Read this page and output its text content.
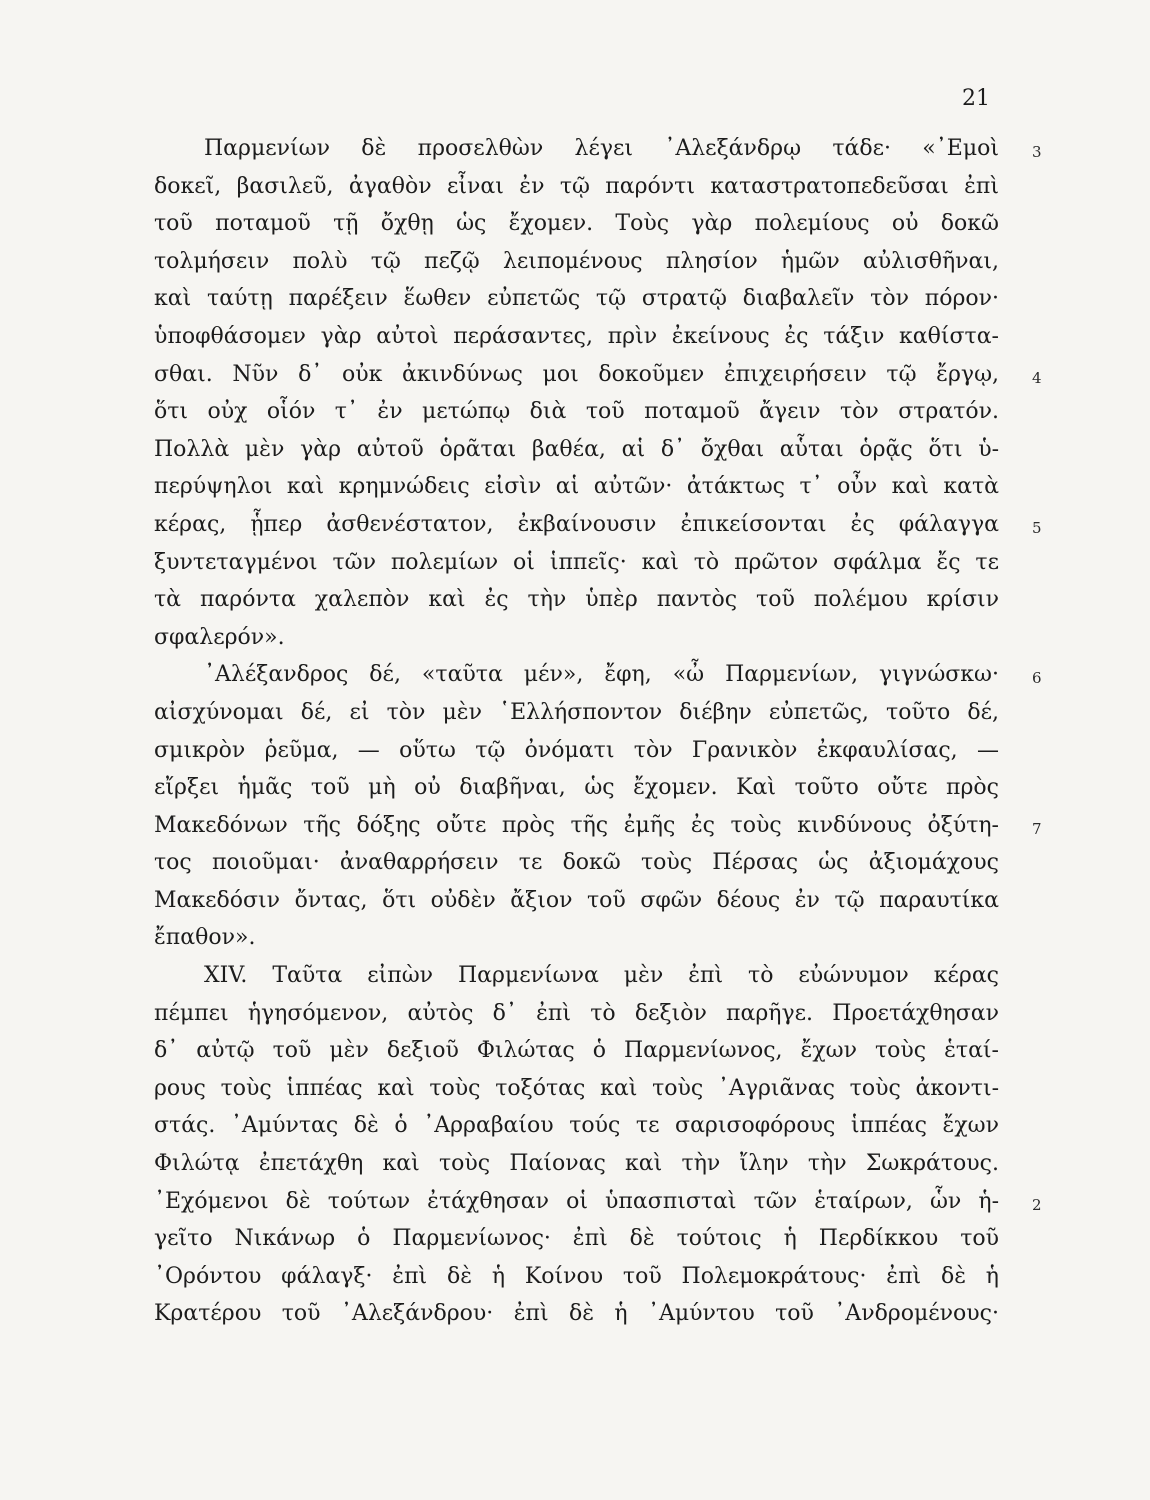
21
Παρμενίων δὲ προσελθὼν λέγει ᾿Αλεξάνδρῳ τάδε· «᾿Εμοὶ
δοκεῖ, βασιλεῦ, ἀγαθὸν εἶναι ἐν τῷ παρόντι καταστρατοπεδεῦσαι ἐπὶ
τοῦ ποταμοῦ τῇ ὄχθῃ ὡς ἔχομεν. Τοὺς γὰρ πολεμίους οὐ δοκῶ
τολμήσειν πολὺ τῷ πεζῷ λειπομένους πλησίον ἡμῶν αὐλισθῆναι,
καὶ ταύτῃ παρέξειν ἕωθεν εὐπετῶς τῷ στρατῷ διαβαλεῖν τὸν πόρον·
ὑποφθάσομεν γὰρ αὐτοὶ περάσαντες, πρὶν ἐκείνους ἐς τάξιν καθίστα-
σθαι. Νῦν δ᾿ οὐκ ἀκινδύνως μοι δοκοῦμεν ἐπιχειρήσειν τῷ ἔργῳ,
ὅτι οὐχ οἷόν τ᾿ ἐν μετώπῳ διὰ τοῦ ποταμοῦ ἄγειν τὸν στρατόν.
Πολλὰ μὲν γὰρ αὐτοῦ ὁρᾶται βαθέα, αἱ δ᾿ ὄχθαι αὗται ὁρᾷς ὅτι ὑ-
περύψηλοι καὶ κρημνώδεις εἰσὶν αἱ αὐτῶν· ἀτάκτως τ᾿ οὖν καὶ κατὰ
κέρας, ᾗπερ ἀσθενέστατον, ἐκβαίνουσιν ἐπικείσονται ἐς φάλαγγα
ξυντεταγμένοι τῶν πολεμίων οἱ ἱππεῖς· καὶ τὸ πρῶτον σφάλμα ἔς τε
τὰ παρόντα χαλεπὸν καὶ ἐς τὴν ὑπὲρ παντὸς τοῦ πολέμου κρίσιν
σφαλερόν».
᾿Αλέξανδρος δέ, «ταῦτα μέν», ἔφη, «ὦ Παρμενίων, γιγνώσκω·
αἰσχύνομαι δέ, εἰ τὸν μὲν ῾Ελλήσποντον διέβην εὐπετῶς, τοῦτο δέ,
σμικρὸν ῥεῦμα, — οὕτω τῷ ὀνόματι τὸν Γρανικὸν ἐκφαυλίσας, —
εἴρξει ἡμᾶς τοῦ μὴ οὐ διαβῆναι, ὡς ἔχομεν. Καὶ τοῦτο οὔτε πρὸς
Μακεδόνων τῆς δόξης οὔτε πρὸς τῆς ἐμῆς ἐς τοὺς κινδύνους ὀξύτη-
τος ποιοῦμαι· ἀναθαρρήσειν τε δοκῶ τοὺς Πέρσας ὡς ἀξιομάχους
Μακεδόσιν ὄντας, ὅτι οὐδὲν ἄξιον τοῦ σφῶν δέους ἐν τῷ παραυτίκα
ἔπαθον».
XIV. Ταῦτα εἰπὼν Παρμενίωνα μὲν ἐπὶ τὸ εὐώνυμον κέρας
πέμπει ἡγησόμενον, αὐτὸς δ᾿ ἐπὶ τὸ δεξιὸν παρῆγε. Προετάχθησαν
δ᾿ αὐτῷ τοῦ μὲν δεξιοῦ Φιλώτας ὁ Παρμενίωνος, ἔχων τοὺς ἑταί-
ρους τοὺς ἱππέας καὶ τοὺς τοξότας καὶ τοὺς ᾿Αγριᾶνας τοὺς ἀκοντι-
στάς. ᾿Αμύντας δὲ ὁ ᾿Αρραβαίου τούς τε σαρισοφόρους ἱππέας ἔχων
Φιλώτᾳ ἐπετάχθη καὶ τοὺς Παίονας καὶ τὴν ἴλην τὴν Σωκράτους.
᾿Εχόμενοι δὲ τούτων ἐτάχθησαν οἱ ὑπασπισταὶ τῶν ἑταίρων, ὧν ἡ-
γεῖτο Νικάνωρ ὁ Παρμενίωνος· ἐπὶ δὲ τούτοις ἡ Περδίκκου τοῦ
᾿Ορόντου φάλαγξ· ἐπὶ δὲ ἡ Κοίνου τοῦ Πολεμοκράτους· ἐπὶ δὲ ἡ
Κρατέρου τοῦ ᾿Αλεξάνδρου· ἐπὶ δὲ ἡ ᾿Αμύντου τοῦ ᾿Ανδρομένους·
3
4
5
6
7
2
